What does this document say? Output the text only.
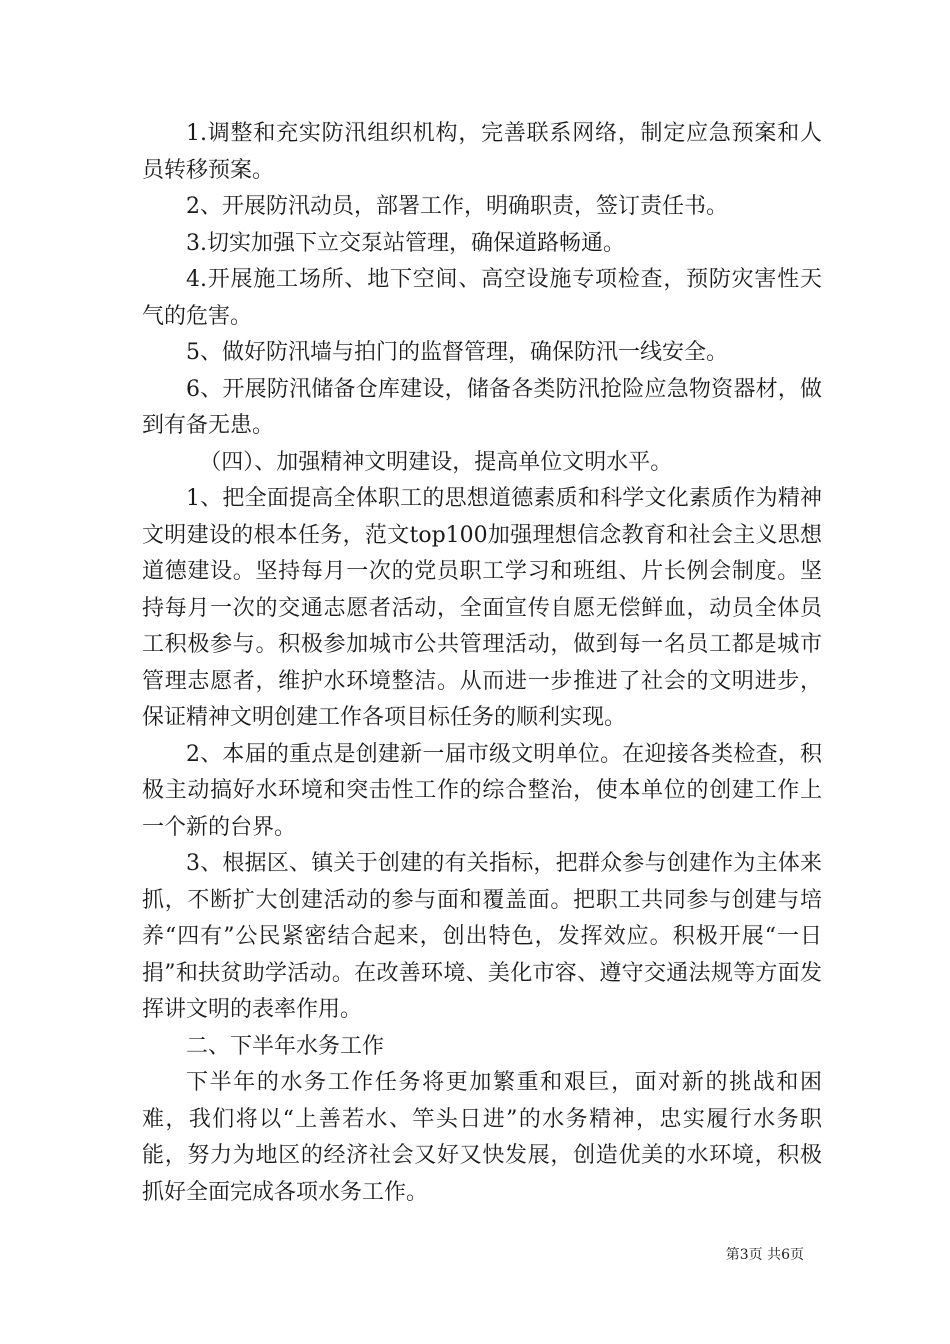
1.调整和充实防汛组织机构，完善联系网络，制定应急预案和人员转移预案。

2、开展防汛动员，部署工作，明确职责，签订责任书。

3.切实加强下立交泵站管理，确保道路畅通。

4.开展施工场所、地下空间、高空设施专项检查，预防灾害性天气的危害。

5、做好防汛墙与拍门的监督管理，确保防汛一线安全。

6、开展防汛储备仓库建设，储备各类防汛抢险应急物资器材，做到有备无患。

（四）、加强精神文明建设，提高单位文明水平。

1、把全面提高全体职工的思想道德素质和科学文化素质作为精神文明建设的根本任务，范文top100加强理想信念教育和社会主义思想道德建设。坚持每月一次的党员职工学习和班组、片长例会制度。坚持每月一次的交通志愿者活动，全面宣传自愿无偿鲜血，动员全体员工积极参与。积极参加城市公共管理活动，做到每一名员工都是城市管理志愿者，维护水环境整洁。从而进一步推进了社会的文明进步，保证精神文明创建工作各项目标任务的顺利实现。

2、本届的重点是创建新一届市级文明单位。在迎接各类检查，积极主动搞好水环境和突击性工作的综合整治，使本单位的创建工作上一个新的台界。

3、根据区、镇关于创建的有关指标，把群众参与创建作为主体来抓，不断扩大创建活动的参与面和覆盖面。把职工共同参与创建与培养“四有”公民紧密结合起来，创出特色，发挥效应。积极开展“一日捐”和扶贫助学活动。在改善环境、美化市容、遵守交通法规等方面发挥讲文明的表率作用。

二、下半年水务工作

下半年的水务工作任务将更加繁重和艰巨，面对新的挑战和困难，我们将以“上善若水、竿头日进”的水务精神，忠实履行水务职能，努力为地区的经济社会又好又快发展，创造优美的水环境，积极抓好全面完成各项水务工作。

第3页 共6页
